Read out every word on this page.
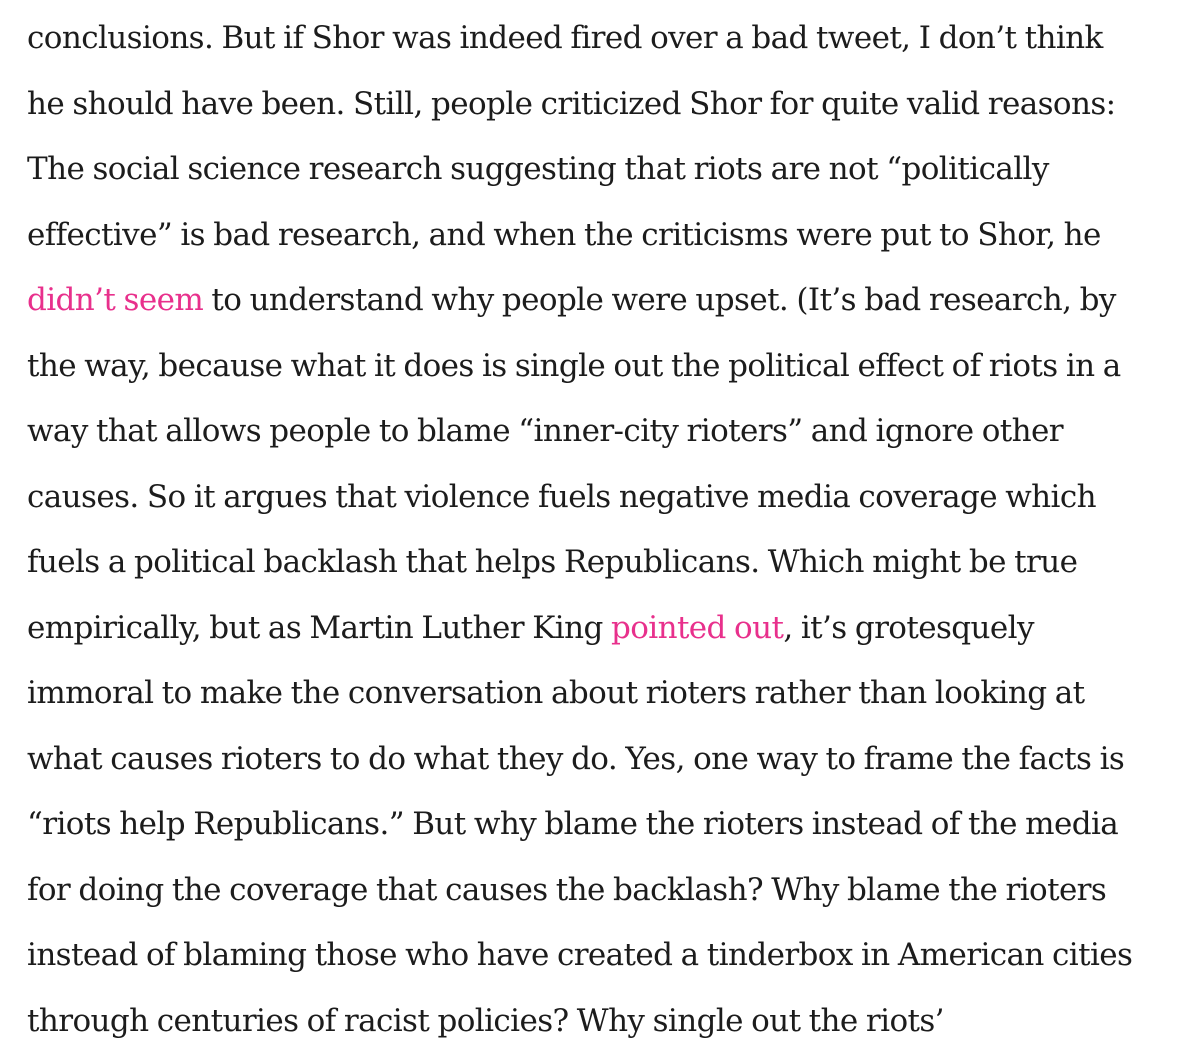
conclusions. But if Shor was indeed fired over a bad tweet, I don’t think
he should have been. Still, people criticized Shor for quite valid reasons:
The social science research suggesting that riots are not “politically
effective” is bad research, and when the criticisms were put to Shor, he
didn’t seem to understand why people were upset. (It’s bad research, by
the way, because what it does is single out the political effect of riots in a
way that allows people to blame “inner-city rioters” and ignore other
causes. So it argues that violence fuels negative media coverage which
fuels a political backlash that helps Republicans. Which might be true
empirically, but as Martin Luther King pointed out, it’s grotesquely
immoral to make the conversation about rioters rather than looking at
what causes rioters to do what they do. Yes, one way to frame the facts is
“riots help Republicans.” But why blame the rioters instead of the media
for doing the coverage that causes the backlash? Why blame the rioters
instead of blaming those who have created a tinderbox in American cities
through centuries of racist policies? Why single out the riots’
